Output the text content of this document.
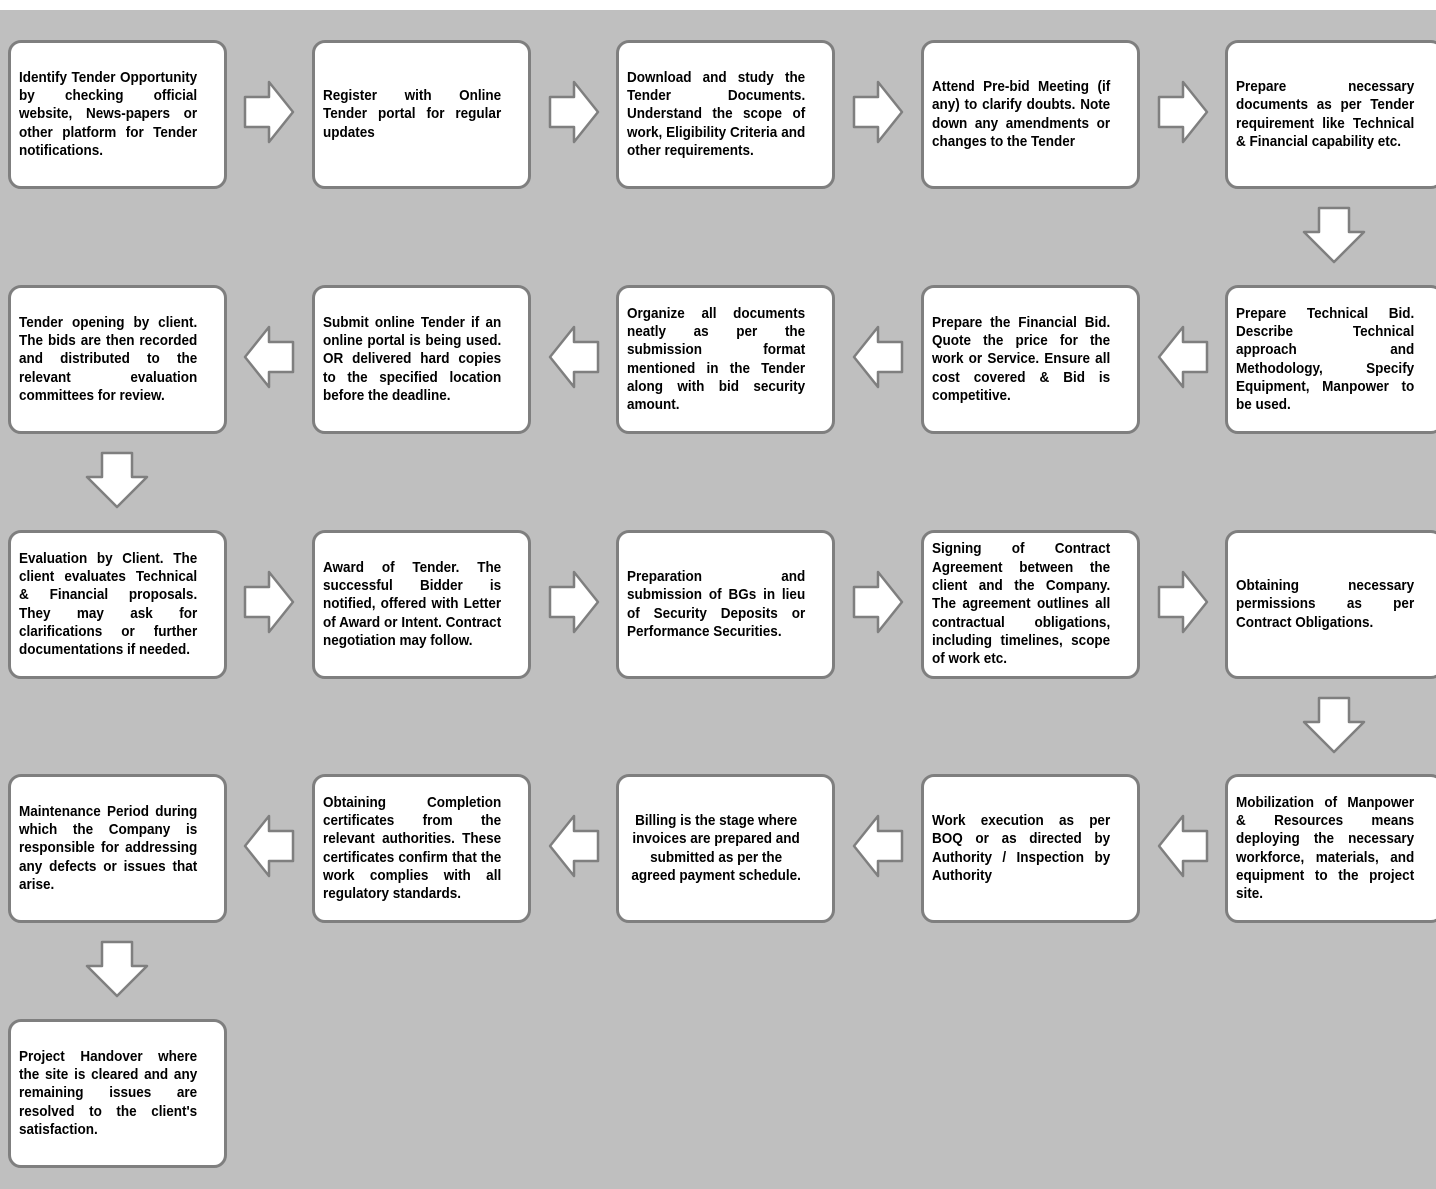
Identify Tender Opportunity by checking official website, News-papers or other platform for Tender notifications.
Register with Online Tender portal for regular updates
Download and study the Tender Documents. Understand the scope of work, Eligibility Criteria and other requirements.
Attend Pre-bid Meeting (if any) to clarify doubts. Note down any amendments or changes to the Tender
Prepare necessary documents as per Tender requirement like Technical & Financial capability etc.
Prepare Technical Bid. Describe Technical approach and Methodology, Specify Equipment, Manpower to be used.
Prepare the Financial Bid. Quote the price for the work or Service. Ensure all cost covered & Bid is competitive.
Organize all documents neatly as per the submission format mentioned in the Tender along with bid security amount.
Submit online Tender if an online portal is being used. OR delivered hard copies to the specified location before the deadline.
Tender opening by client. The bids are then recorded and distributed to the relevant evaluation committees for review.
Evaluation by Client. The client evaluates Technical & Financial proposals. They may ask for clarifications or further documentations if needed.
Award of Tender. The successful Bidder is notified, offered with Letter of Award or Intent. Contract negotiation may follow.
Preparation and submission of BGs in lieu of Security Deposits or Performance Securities.
Signing of Contract Agreement between the client and the Company. The agreement outlines all contractual obligations, including timelines, scope of work etc.
Obtaining necessary permissions as per Contract Obligations.
Mobilization of Manpower & Resources means deploying the necessary workforce, materials, and equipment to the project site.
Work execution as per BOQ or as directed by Authority / Inspection by Authority
Billing is the stage where invoices are prepared and submitted as per the agreed payment schedule.
Obtaining Completion certificates from the relevant authorities. These certificates confirm that the work complies with all regulatory standards.
Maintenance Period during which the Company is responsible for addressing any defects or issues that arise.
Project Handover where the site is cleared and any remaining issues are resolved to the client's satisfaction.
